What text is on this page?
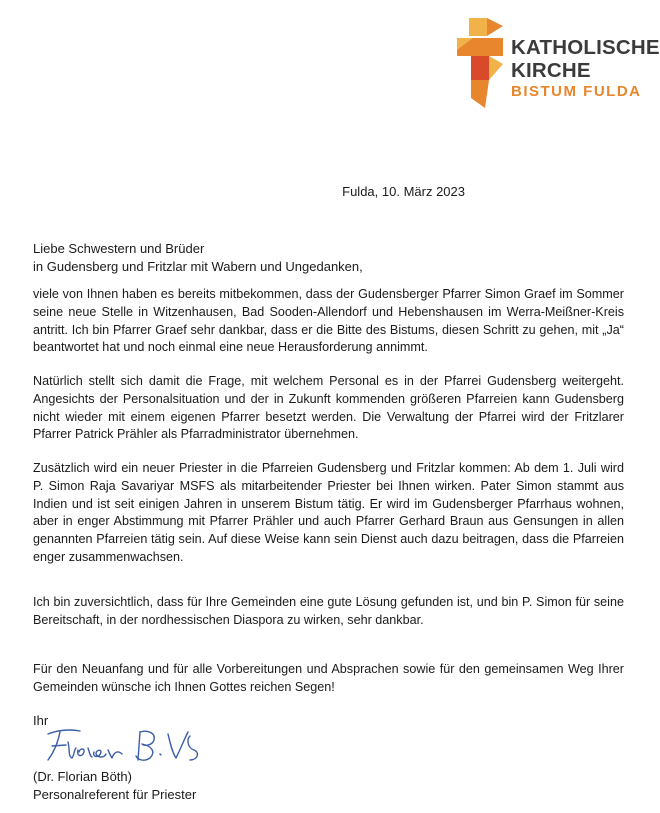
KATHOLISCHE
KIRCHE
BISTUM FULDA
Fulda, 10. März 2023
Liebe Schwestern und Brüder
in Gudensberg und Fritzlar mit Wabern und Ungedanken,

viele von Ihnen haben es bereits mitbekommen, dass der Gudensberger Pfarrer Simon Graef im Sommer seine neue Stelle in Witzenhausen, Bad Sooden-Allendorf und Hebenshausen im Werra-Meißner-Kreis antritt. Ich bin Pfarrer Graef sehr dankbar, dass er die Bitte des Bistums, diesen Schritt zu gehen, mit „Ja“ beantwortet hat und noch einmal eine neue Herausforderung annimmt.

Natürlich stellt sich damit die Frage, mit welchem Personal es in der Pfarrei Gudensberg weitergeht. Angesichts der Personalsituation und der in Zukunft kommenden größeren Pfarreien kann Gudensberg nicht wieder mit einem eigenen Pfarrer besetzt werden. Die Verwaltung der Pfarrei wird der Fritzlarer Pfarrer Patrick Prähler als Pfarradministrator übernehmen.

Zusätzlich wird ein neuer Priester in die Pfarreien Gudensberg und Fritzlar kommen: Ab dem 1. Juli wird P. Simon Raja Savariyar MSFS als mitarbeitender Priester bei Ihnen wirken. Pater Simon stammt aus Indien und ist seit einigen Jahren in unserem Bistum tätig. Er wird im Gudensberger Pfarrhaus wohnen, aber in enger Abstimmung mit Pfarrer Prähler und auch Pfarrer Gerhard Braun aus Gensungen in allen genannten Pfarreien tätig sein. Auf diese Weise kann sein Dienst auch dazu beitragen, dass die Pfarreien enger zusammenwachsen.

Ich bin zuversichtlich, dass für Ihre Gemeinden eine gute Lösung gefunden ist, und bin P. Simon für seine Bereitschaft, in der nordhessischen Diaspora zu wirken, sehr dankbar.

Für den Neuanfang und für alle Vorbereitungen und Absprachen sowie für den gemeinsamen Weg Ihrer Gemeinden wünsche ich Ihnen Gottes reichen Segen!

Ihr
(Dr. Florian Böth)
Personalreferent für Priester
